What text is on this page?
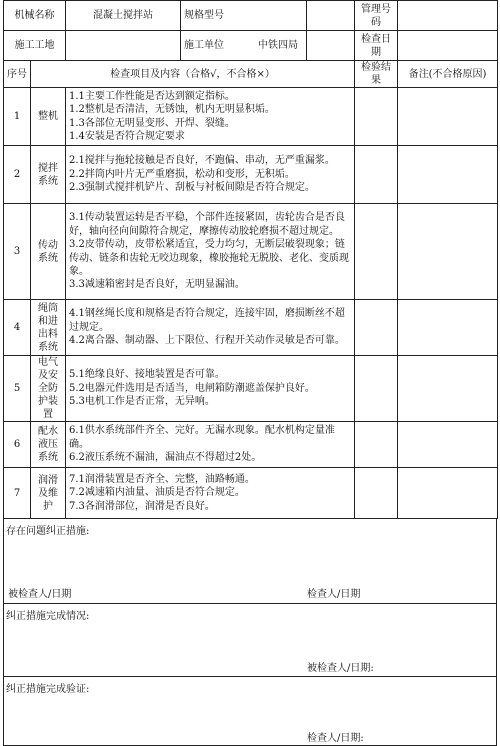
机械名称		混凝土搅拌站	规格型号		管理号码	
施工工地			施工单位 中铁四局		检查日期	
序号	检查项目及内容（合格√，不合格×）				检验结果	备注(不合格原因)
1	整机	1.1主要工作性能是否达到额定指标。
1.2整机是否清洁，无锈蚀，机内无明显积垢。
1.3各部位无明显变形、开焊、裂缝。
1.4安装是否符合规定要求				

2	搅拌系统	2.1搅拌与拖轮接触是否良好，不跑偏、串动，无严重漏浆。
2.2拌筒内叶片无严重磨损，松动和变形，无积垢。
2.3强制式搅拌机铲片、刮板与衬板间隙是否符合规定。				

3	传动系统	3.1传动装置运转是否平稳，个部件连接紧固，齿轮齿合是否良好，轴向径向间隙符合规定，摩擦传动胶轮磨损不超过规定。
3.2皮带传动，皮带松紧适宜，受力均匀，无断层破裂现象；链传动、链条和齿轮无咬边现象，橡胶拖轮无脱胶、老化、变质现象。
3.3减速箱密封是否良好，无明显漏油。				

4	绳筒和进出料系统	4.1钢丝绳长度和规格是否符合规定，连接牢固，磨损断丝不超过规定。
4.2离合器、制动器、上下限位、行程开关动作灵敏是否可靠。				

5	电气及安全防护装置	5.1绝缘良好、接地装置是否可靠。
5.2电器元件选用是否适当，电闸箱防潮遮盖保护良好。
5.3电机工作是否正常，无异响。				

6	配水液压系统	6.1供水系统部件齐全、完好。无漏水现象。配水机构定量准确。
6.2液压系统不漏油，漏油点不得超过2处。				

7	润滑及维护	7.1润滑装置是否齐全、完整，油路畅通。
7.2减速箱内油量、油质是否符合规定。
7.3各润滑部位，润滑是否良好。				

存在问题纠正措施:
被检查人/日期	检查人/日期
纠正措施完成情况:
被检查人/日期:
纠正措施完成验证:
检查人/日期:
